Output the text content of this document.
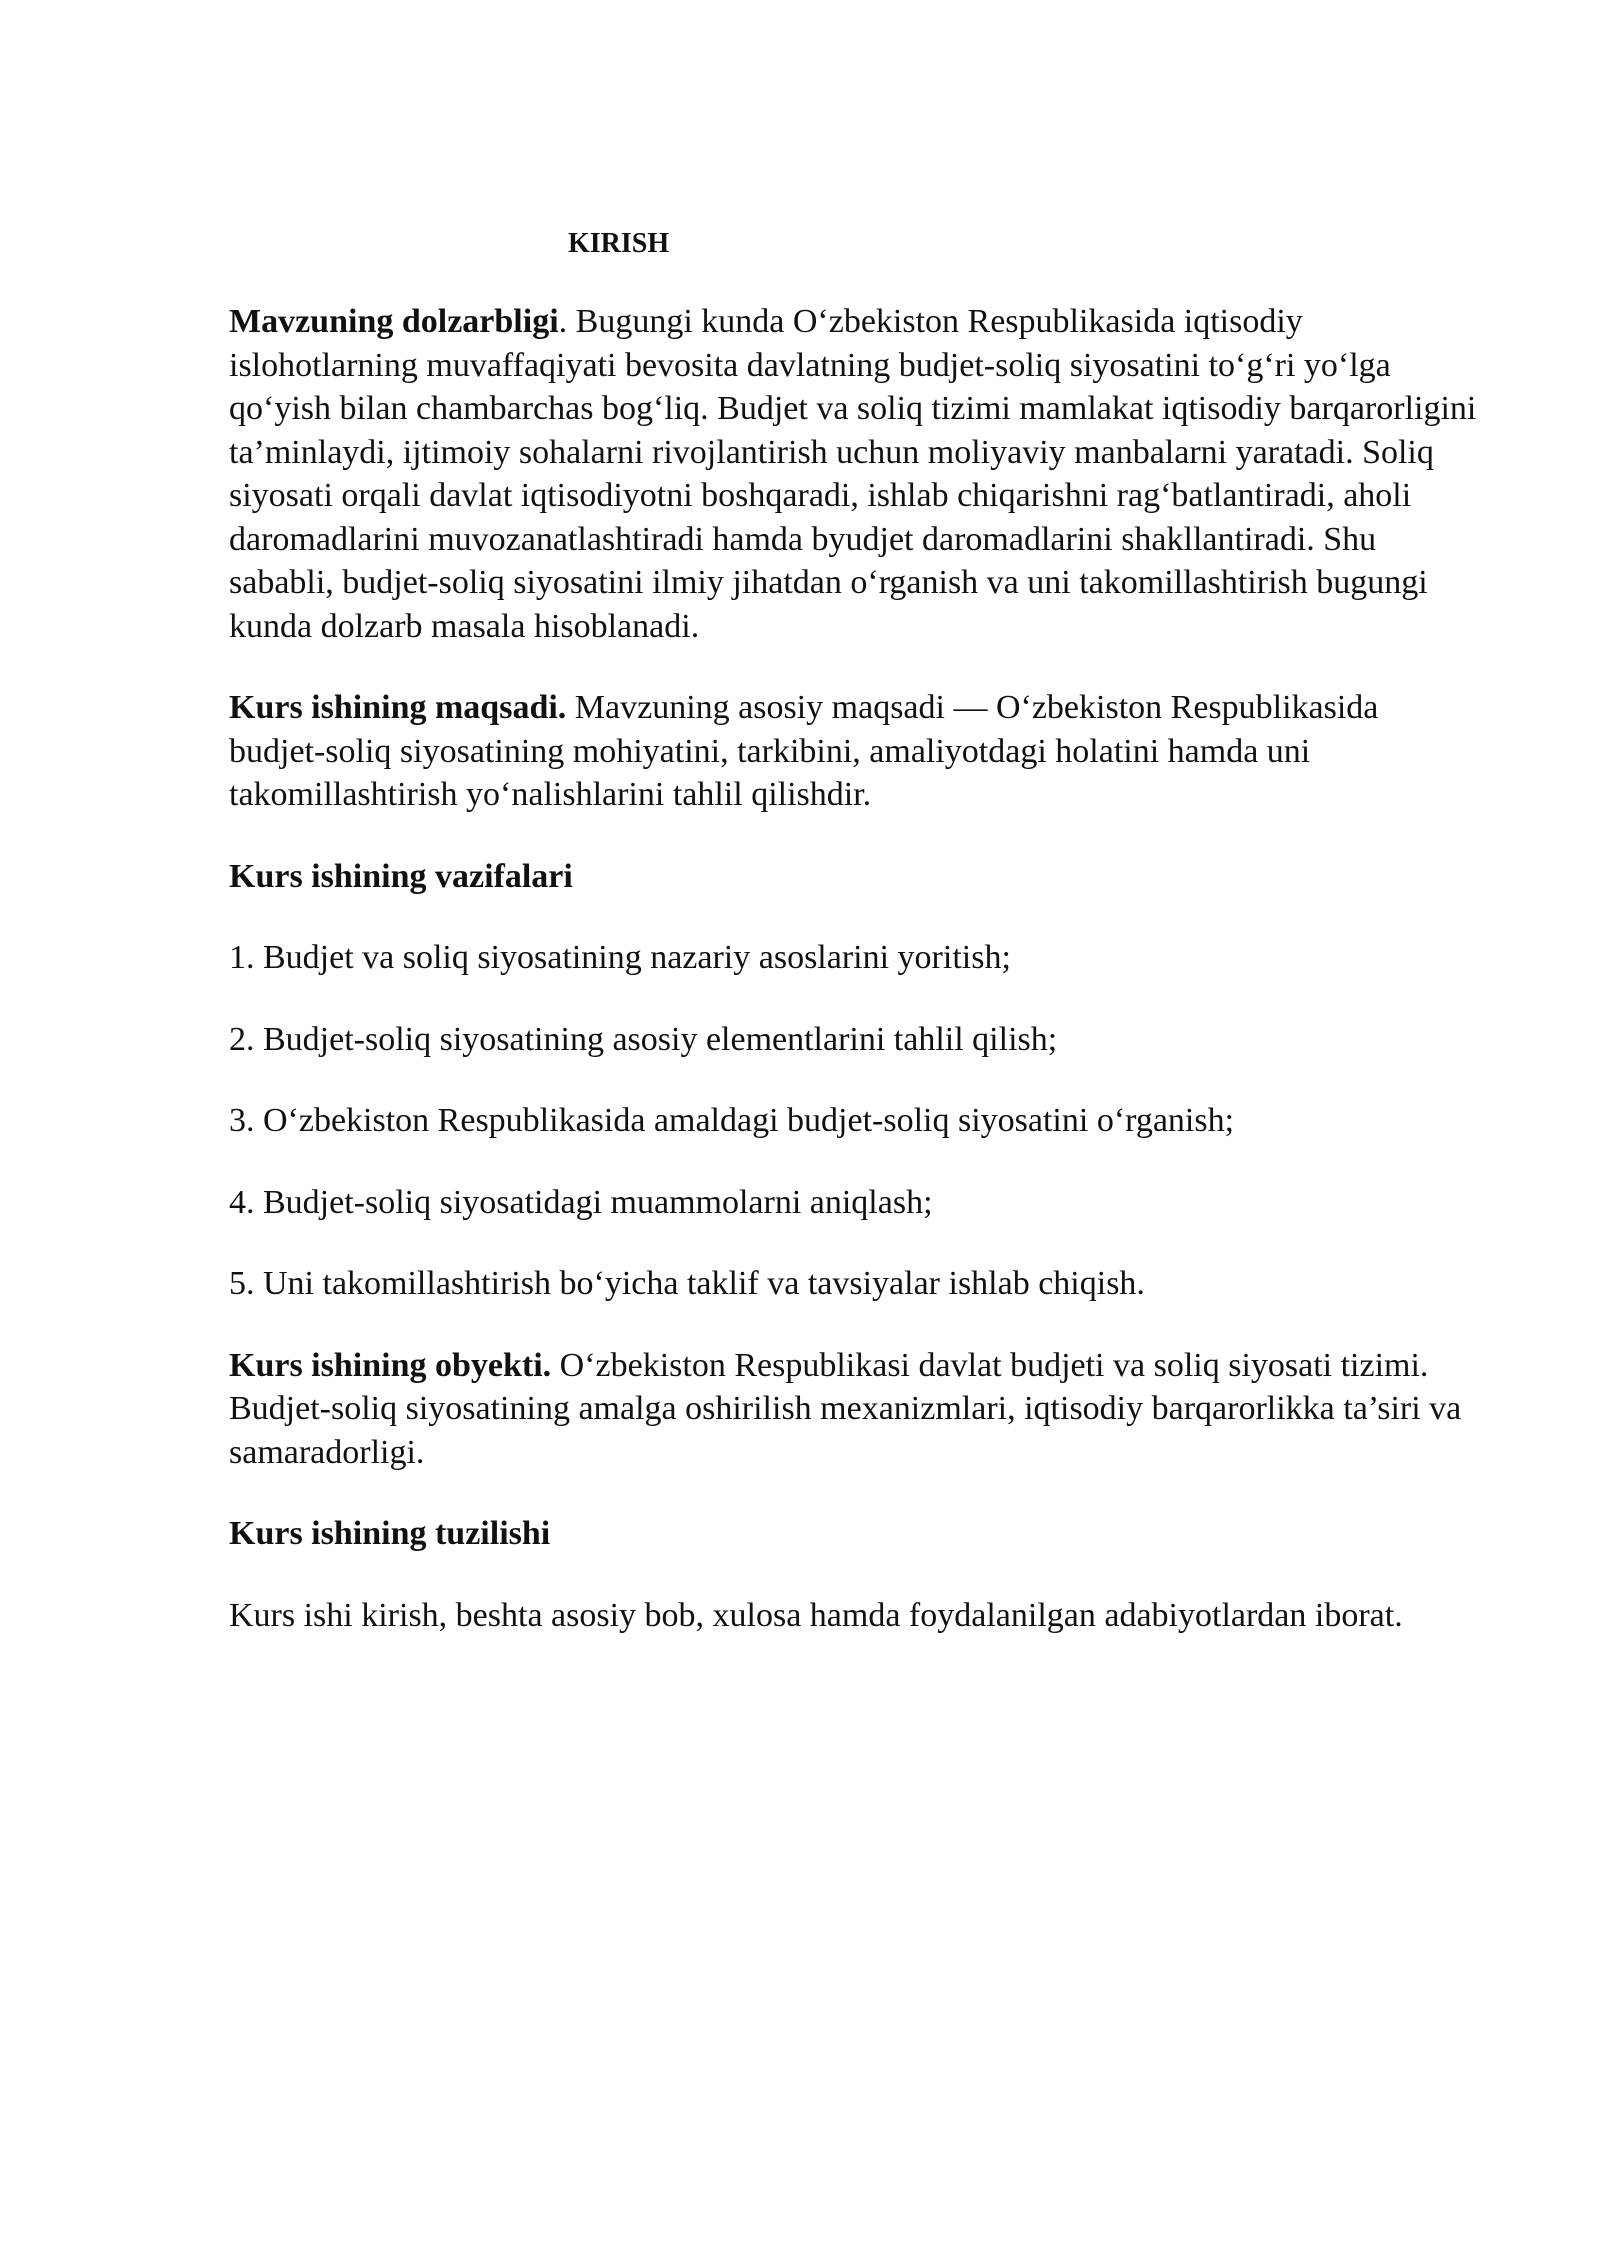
KIRISH

Mavzuning dolzarbligi. Bugungi kunda O‘zbekiston Respublikasida iqtisodiy islohotlarning muvaffaqiyati bevosita davlatning budjet-soliq siyosatini to‘g‘ri yo‘lga qo‘yish bilan chambarchas bog‘liq. Budjet va soliq tizimi mamlakat iqtisodiy barqarorligini ta’minlaydi, ijtimoiy sohalarni rivojlantirish uchun moliyaviy manbalarni yaratadi. Soliq siyosati orqali davlat iqtisodiyotni boshqaradi, ishlab chiqarishni rag‘batlantiradi, aholi daromadlarini muvozanatlashtiradi hamda byudjet daromadlarini shakllantiradi. Shu sababli, budjet-soliq siyosatini ilmiy jihatdan o‘rganish va uni takomillashtirish bugungi kunda dolzarb masala hisoblanadi.

Kurs ishining maqsadi. Mavzuning asosiy maqsadi — O‘zbekiston Respublikasida budjet-soliq siyosatining mohiyatini, tarkibini, amaliyotdagi holatini hamda uni takomillashtirish yo‘nalishlarini tahlil qilishdir.

Kurs ishining vazifalari

1. Budjet va soliq siyosatining nazariy asoslarini yoritish;

2. Budjet-soliq siyosatining asosiy elementlarini tahlil qilish;

3. O‘zbekiston Respublikasida amaldagi budjet-soliq siyosatini o‘rganish;

4. Budjet-soliq siyosatidagi muammolarni aniqlash;

5. Uni takomillashtirish bo‘yicha taklif va tavsiyalar ishlab chiqish.

Kurs ishining obyekti. O‘zbekiston Respublikasi davlat budjeti va soliq siyosati tizimi. Budjet-soliq siyosatining amalga oshirilish mexanizmlari, iqtisodiy barqarorlikka ta’siri va samaradorligi.

Kurs ishining tuzilishi

Kurs ishi kirish, beshta asosiy bob, xulosa hamda foydalanilgan adabiyotlardan iborat.
